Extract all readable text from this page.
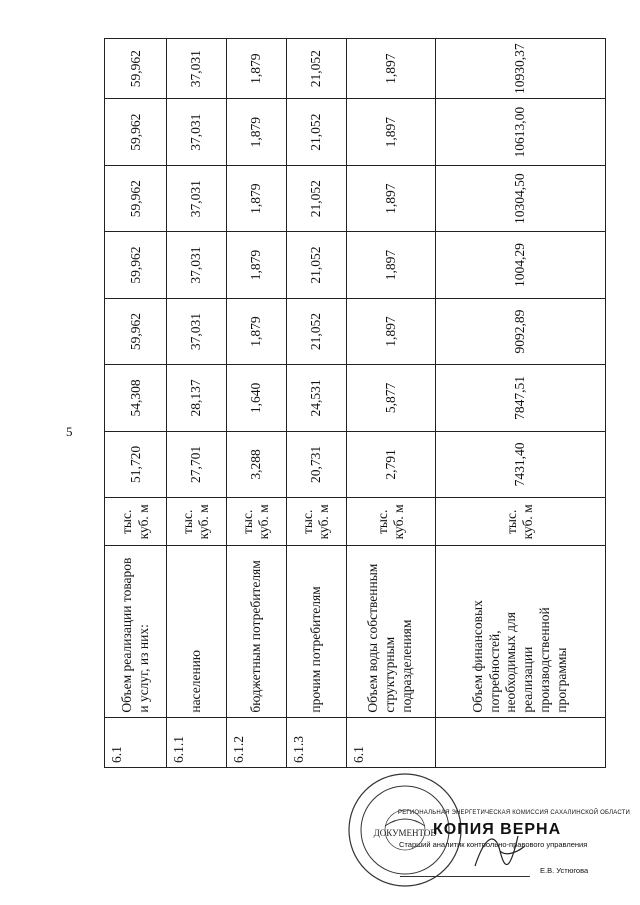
5
6.1	Объем реализации товаров и услуг, из них:	тыс. куб. м	51,720	54,308	59,962	59,962	59,962	59,962	59,962
6.1.1	населению	тыс. куб. м	27,701	28,137	37,031	37,031	37,031	37,031	37,031
6.1.2	бюджетным потребителям	тыс. куб. м	3,288	1,640	1,879	1,879	1,879	1,879	1,879
6.1.3	прочим потребителям	тыс. куб. м	20,731	24,531	21,052	21,052	21,052	21,052	21,052
6.1	Объем воды собственным структурным подразделениям	тыс. куб. м	2,791	5,877	1,897	1,897	1,897	1,897	1,897
	Объем финансовых потребностей, необходимых для реализации производственной программы	тыс. куб. м	7431,40	7847,51	9092,89	1004,29	10304,50	10613,00	10930,37
ДОКУМЕНТОВ
РЕГИОНАЛЬНАЯ ЭНЕРГЕТИЧЕСКАЯ КОМИССИЯ САХАЛИНСКОЙ ОБЛАСТИ
КОПИЯ ВЕРНА
Старший аналитик контрольно-правового управления
Е.В. Устюгова
